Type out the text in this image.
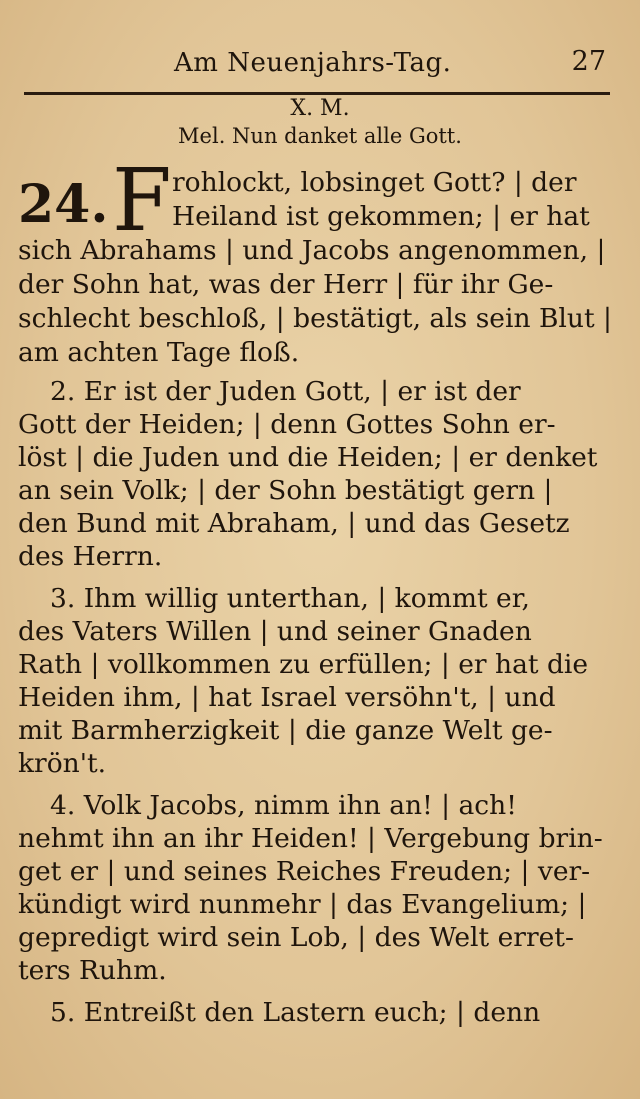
Am Neuenjahrs-Tag.	27
X. M.
Mel. Nun danket alle Gott.
24. F rohlockt, lobsinget Gott? | der
Heiland ist gekommen; | er hat
sich Abrahams | und Jacobs angenommen, |
der Sohn hat, was der Herr | für ihr Ge-
schlecht beschloß, | bestätigt, als sein Blut |
am achten Tage floß.
2. Er ist der Juden Gott, | er ist der
Gott der Heiden; | denn Gottes Sohn er-
löst | die Juden und die Heiden; | er denket
an sein Volk; | der Sohn bestätigt gern |
den Bund mit Abraham, | und das Gesetz
des Herrn.
3. Ihm willig unterthan, | kommt er,
des Vaters Willen | und seiner Gnaden
Rath | vollkommen zu erfüllen; | er hat die
Heiden ihm, | hat Israel versöhn't, | und
mit Barmherzigkeit | die ganze Welt ge-
krön't.
4. Volk Jacobs, nimm ihn an! | ach!
nehmt ihn an ihr Heiden! | Vergebung brin-
get er | und seines Reiches Freuden; | ver-
kündigt wird nunmehr | das Evangelium; |
gepredigt wird sein Lob, | des Welt erret-
ters Ruhm.
5. Entreißt den Lastern euch; | denn
